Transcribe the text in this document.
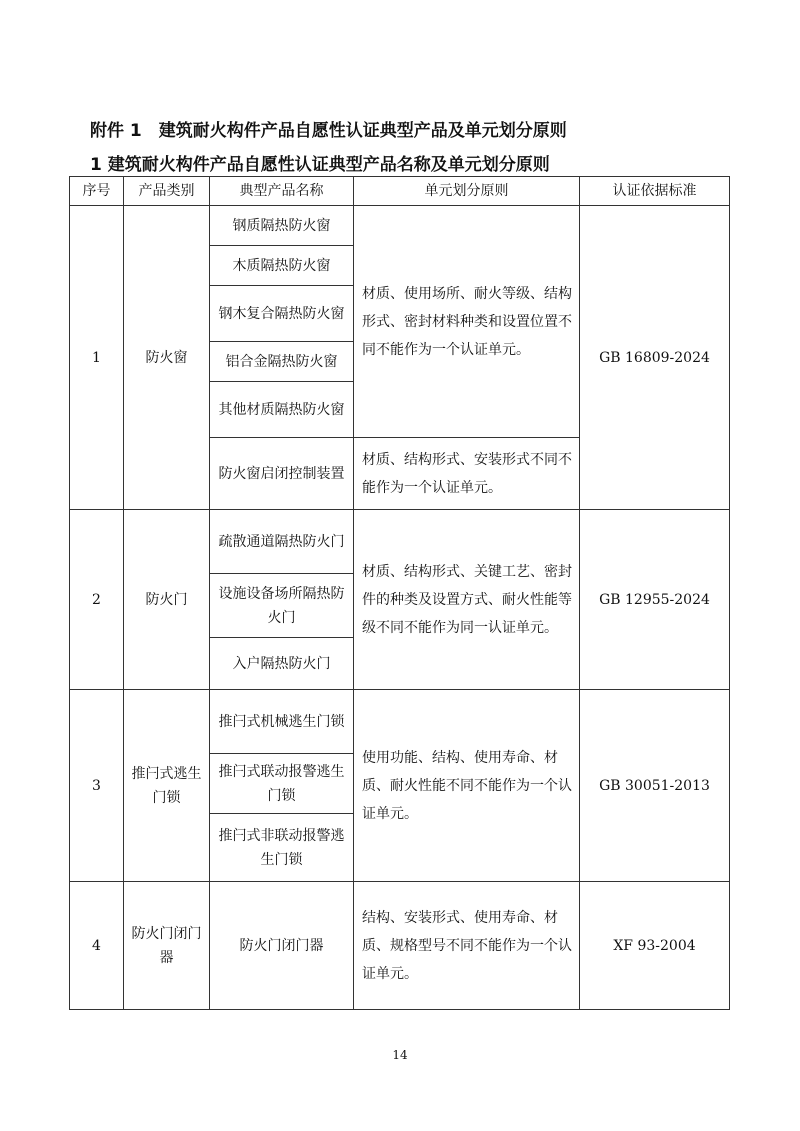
附件 1　建筑耐火构件产品自愿性认证典型产品及单元划分原则
1 建筑耐火构件产品自愿性认证典型产品名称及单元划分原则
序号	产品类别	典型产品名称	单元划分原则	认证依据标准
1	防火窗	钢质隔热防火窗	材质、使用场所、耐火等级、结构形式、密封材料种类和设置位置不同不能作为一个认证单元。	GB 16809-2024
		木质隔热防火窗		
		钢木复合隔热防火窗		
		铝合金隔热防火窗		
		其他材质隔热防火窗		
		防火窗启闭控制装置	材质、结构形式、安装形式不同不能作为一个认证单元。	
2	防火门	疏散通道隔热防火门	材质、结构形式、关键工艺、密封件的种类及设置方式、耐火性能等级不同不能作为同一认证单元。	GB 12955-2024
		设施设备场所隔热防火门		
		入户隔热防火门		
3	推闩式逃生门锁	推闩式机械逃生门锁	使用功能、结构、使用寿命、材质、耐火性能不同不能作为一个认证单元。	GB 30051-2013
		推闩式联动报警逃生门锁		
		推闩式非联动报警逃生门锁		
4	防火门闭门器	防火门闭门器	结构、安装形式、使用寿命、材质、规格型号不同不能作为一个认证单元。	XF 93-2004
14
